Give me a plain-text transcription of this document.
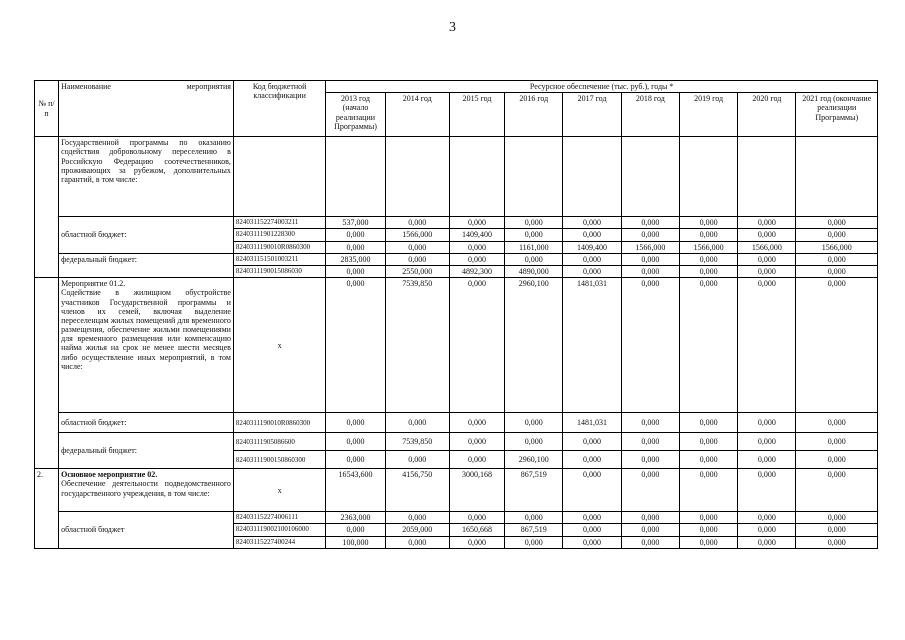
3
№ п/ п	Наименование мероприятия	Код бюджетной классификации	Ресурсное обеспечение (тыс. руб.), годы *								
			2013 год (начало реализации Программы)	2014 год	2015 год	2016 год	2017 год	2018 год	2019 год	2020 год	2021 год (окончание реализации Программы)
	Государственной программы по оказанию содействия добровольному переселению в Российскую Федерацию соотечественников, проживающих за рубежом, дополнительных гарантий, в том числе:										
	областной бюджет:	824031152274003211	537,000	0,000	0,000	0,000	0,000	0,000	0,000	0,000	0,000
		82403111901228300	0,000	1566,000	1409,400	0,000	0,000	0,000	0,000	0,000	0,000
		8240311190010R0860300	0,000	0,000	0,000	1161,000	1409,400	1566,000	1566,000	1566,000	1566,000
	федеральный бюджет:	824031151501003211	2835,000	0,000	0,000	0,000	0,000	0,000	0,000	0,000	0,000
		8240311190015086030	0,000	2550,000	4892,300	4890,000	0,000	0,000	0,000	0,000	0,000

	Мероприятие 01.2.
Содействие в жилищном обустройстве участников Государственной программы и членов их семей, включая выделение переселенцам жилых помещений для временного размещения, обеспечение жильми помещениями для временного размещения или компенсацию найма жилья на срок не менее шести месяцев либо осуществление иных мероприятий, в том числе:	х	0,000	7539,850	0,000	2960,100	1481,031	0,000	0,000	0,000	0,000
	областной бюджет:	8240311190010R0860300	0,000	0,000	0,000	0,000	1481,031	0,000	0,000	0,000	0,000
	федеральный бюджет:	82403111905086600	0,000	7539,850	0,000	0,000	0,000	0,000	0,000	0,000	0,000
		82403111900150860300	0,000	0,000	0,000	2960,100	0,000	0,000	0,000	0,000	0,000
2.	Основное мероприятие 02.
Обеспечение деятельности подведомственного государственного учреждения, в том числе:	х	16543,600	4156,750	3000,168	867,519	0,000	0,000	0,000	0,000	0,000
	областной бюджет	824031152274006111	2363,000	0,000	0,000	0,000	0,000	0,000	0,000	0,000	0,000
		824031119002100106000	0,000	2059,000	1650,668	867,519	0,000	0,000	0,000	0,000	0,000
		82403115227400244	100,000	0,000	0,000	0,000	0,000	0,000	0,000	0,000	0,000
